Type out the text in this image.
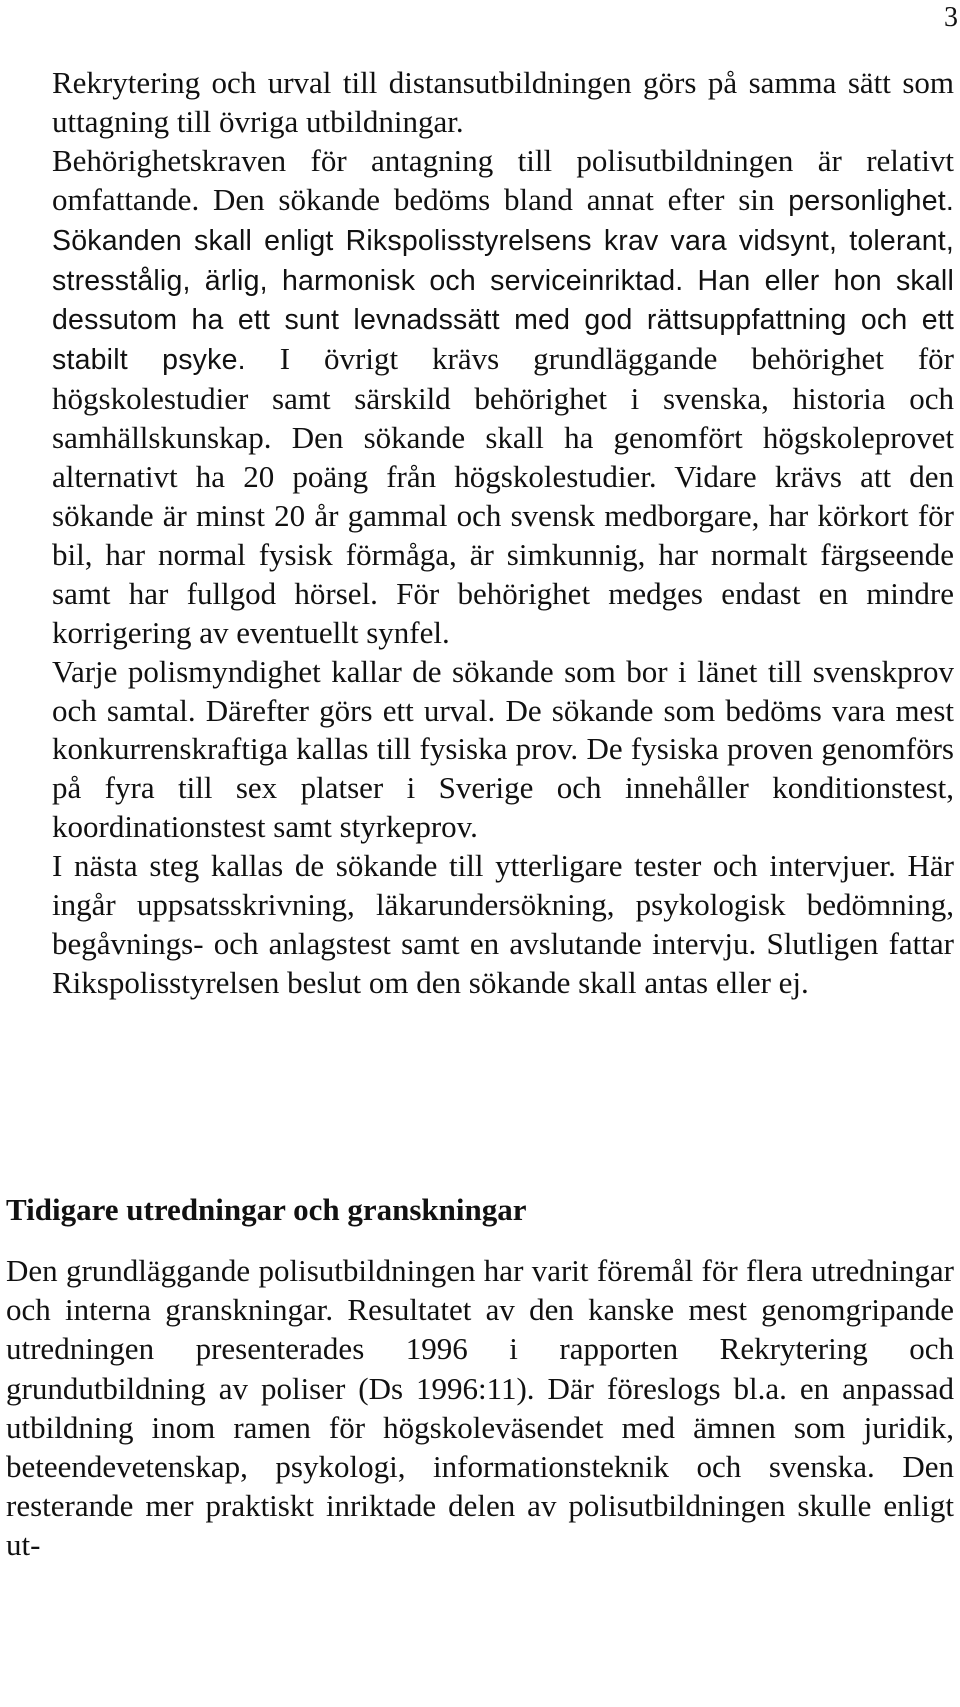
3

Rekrytering och urval till distansutbildningen görs på samma sätt som uttagning till övriga utbildningar.

Behörighetskraven för antagning till polisutbildningen är relativt omfattande. Den sökande bedöms bland annat efter sin personlighet. Sökanden skall enligt Rikspolisstyrelsens krav vara vidsynt, tolerant, stresstålig, ärlig, harmonisk och serviceinriktad. Han eller hon skall dessutom ha ett sunt levnadssätt med god rättsuppfattning och ett stabilt psyke. I övrigt krävs grundläggande behörighet för högskolestudier samt särskild behörighet i svenska, historia och samhällskunskap. Den sökande skall ha genomfört högskoleprovet alternativt ha 20 poäng från högskolestudier. Vidare krävs att den sökande är minst 20 år gammal och svensk medborgare, har körkort för bil, har normal fysisk förmåga, är simkunnig, har normalt färgseende samt har fullgod hörsel. För behörighet medges endast en mindre korrigering av eventuellt synfel.

Varje polismyndighet kallar de sökande som bor i länet till svenskprov och samtal. Därefter görs ett urval. De sökande som bedöms vara mest konkurrenskraftiga kallas till fysiska prov. De fysiska proven genomförs på fyra till sex platser i Sverige och innehåller konditionstest, koordinationstest samt styrkeprov.

I nästa steg kallas de sökande till ytterligare tester och intervjuer. Här ingår uppsatsskrivning, läkarundersökning, psykologisk bedömning, begåvnings- och anlagstest samt en avslutande intervju. Slutligen fattar Rikspolisstyrelsen beslut om den sökande skall antas eller ej.

Tidigare utredningar och granskningar

Den grundläggande polisutbildningen har varit föremål för flera utredningar och interna granskningar. Resultatet av den kanske mest genomgripande utredningen presenterades 1996 i rapporten Rekrytering och grundutbildning av poliser (Ds 1996:11). Där föreslogs bl.a. en anpassad utbildning inom ramen för högskoleväsendet med ämnen som juridik, beteendevetenskap, psykologi, informationsteknik och svenska. Den resterande mer praktiskt inriktade delen av polisutbildningen skulle enligt ut-
